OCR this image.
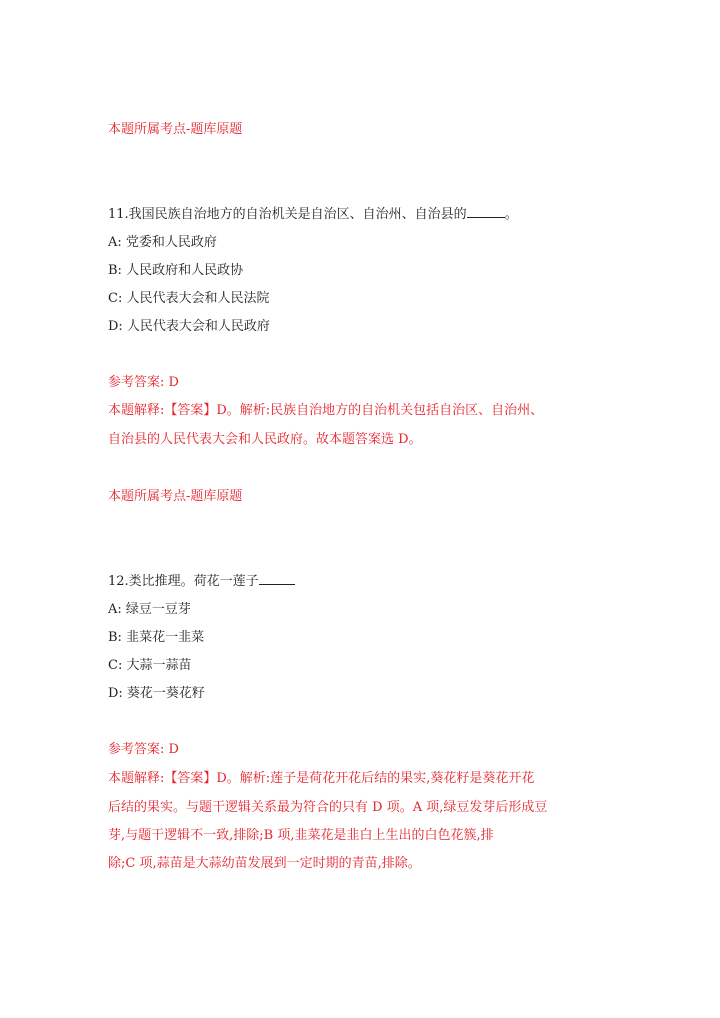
本题所属考点-题库原题
11.我国民族自治地方的自治机关是自治区、自治州、自治县的	。
A: 党委和人民政府
B: 人民政府和人民政协
C: 人民代表大会和人民法院
D: 人民代表大会和人民政府
参考答案: D
本题解释:【答案】D。解析:民族自治地方的自治机关包括自治区、自治州、
自治县的人民代表大会和人民政府。故本题答案选 D。
本题所属考点-题库原题
12.类比推理。荷花一莲子
A: 绿豆一豆芽
B: 韭菜花一韭菜
C: 大蒜一蒜苗
D: 葵花一葵花籽
参考答案: D
本题解释:【答案】D。解析:莲子是荷花开花后结的果实,葵花籽是葵花开花
后结的果实。与题干逻辑关系最为符合的只有 D 项。A 项,绿豆发芽后形成豆
芽,与题干逻辑不一致,排除;B 项,韭菜花是韭白上生出的白色花簇,排
除;C 项,蒜苗是大蒜幼苗发展到一定时期的青苗,排除。
